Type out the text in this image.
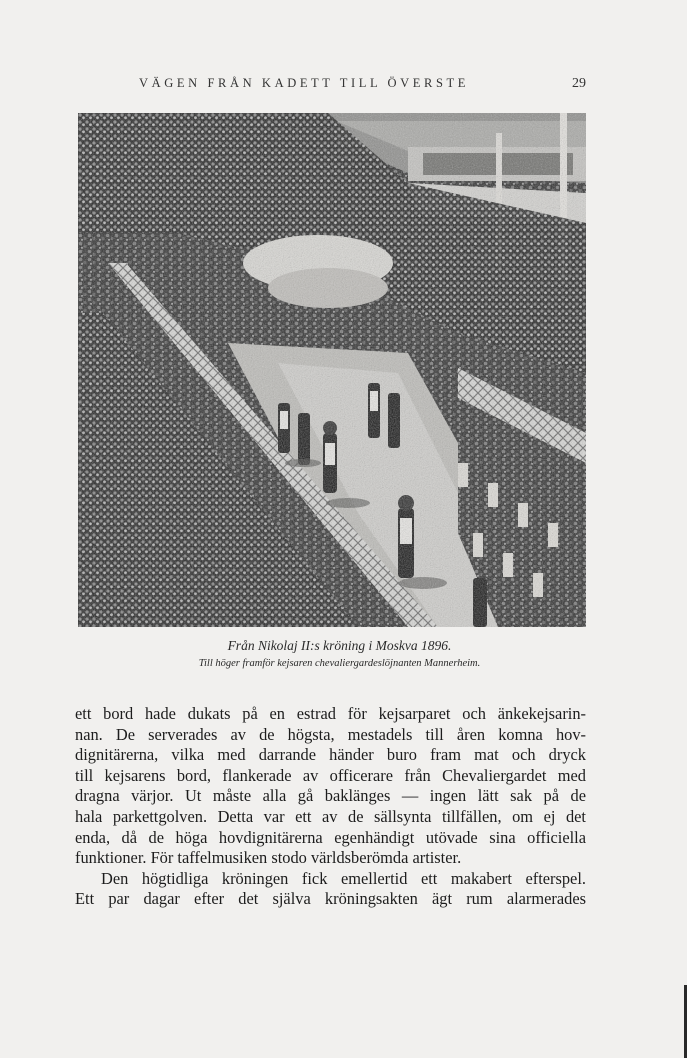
VÄGEN FRÅN KADETT TILL ÖVERSTE	29
Från Nikolaj II:s kröning i Moskva 1896.
Till höger framför kejsaren chevaliergardeslöjnanten Mannerheim.

ett bord hade dukats på en estrad för kejsarparet och änkekejsarin-
nan. De serverades av de högsta, mestadels till åren komna hov-
dignitärerna, vilka med darrande händer buro fram mat och dryck
till kejsarens bord, flankerade av officerare från Chevaliergardet med
dragna värjor. Ut måste alla gå baklänges — ingen lätt sak på de
hala parkettgolven. Detta var ett av de sällsynta tillfällen, om ej det
enda, då de höga hovdignitärerna egenhändigt utövade sina officiella
funktioner. För taffelmusiken stodo världsberömda artister.

Den högtidliga kröningen fick emellertid ett makabert efterspel.
Ett par dagar efter det själva kröningsakten ägt rum alarmerades
